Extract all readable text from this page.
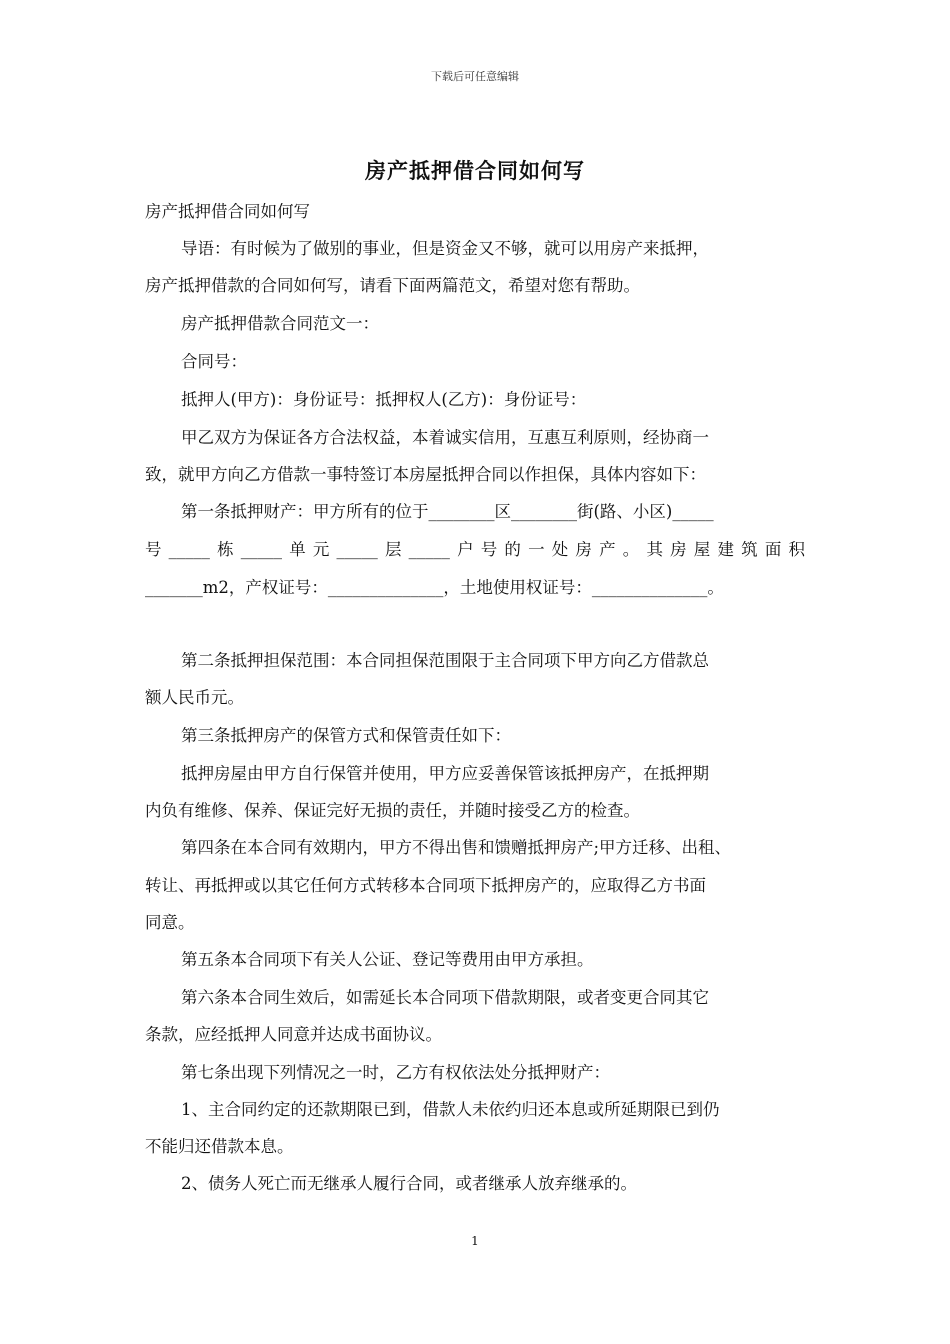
下载后可任意编辑
房产抵押借合同如何写
房产抵押借合同如何写
导语：有时候为了做别的事业，但是资金又不够，就可以用房产来抵押，
房产抵押借款的合同如何写，请看下面两篇范文，希望对您有帮助。
房产抵押借款合同范文一：
合同号：
抵押人(甲方)：身份证号：抵押权人(乙方)：身份证号：
甲乙双方为保证各方合法权益，本着诚实信用，互惠互利原则，经协商一
致，就甲方向乙方借款一事特签订本房屋抵押合同以作担保，具体内容如下：
第一条抵押财产：甲方所有的位于________区________街(路、小区)_____
号_____栋_____单元_____层_____户号的一处房产。其房屋建筑面积
_______m2，产权证号：______________，土地使用权证号：______________。
第二条抵押担保范围：本合同担保范围限于主合同项下甲方向乙方借款总
额人民币元。
第三条抵押房产的保管方式和保管责任如下：
抵押房屋由甲方自行保管并使用，甲方应妥善保管该抵押房产，在抵押期
内负有维修、保养、保证完好无损的责任，并随时接受乙方的检查。
第四条在本合同有效期内，甲方不得出售和馈赠抵押房产;甲方迁移、出租、
转让、再抵押或以其它任何方式转移本合同项下抵押房产的，应取得乙方书面
同意。
第五条本合同项下有关人公证、登记等费用由甲方承担。
第六条本合同生效后，如需延长本合同项下借款期限，或者变更合同其它
条款，应经抵押人同意并达成书面协议。
第七条出现下列情况之一时，乙方有权依法处分抵押财产：
1、主合同约定的还款期限已到，借款人未依约归还本息或所延期限已到仍
不能归还借款本息。
2、债务人死亡而无继承人履行合同，或者继承人放弃继承的。
1
